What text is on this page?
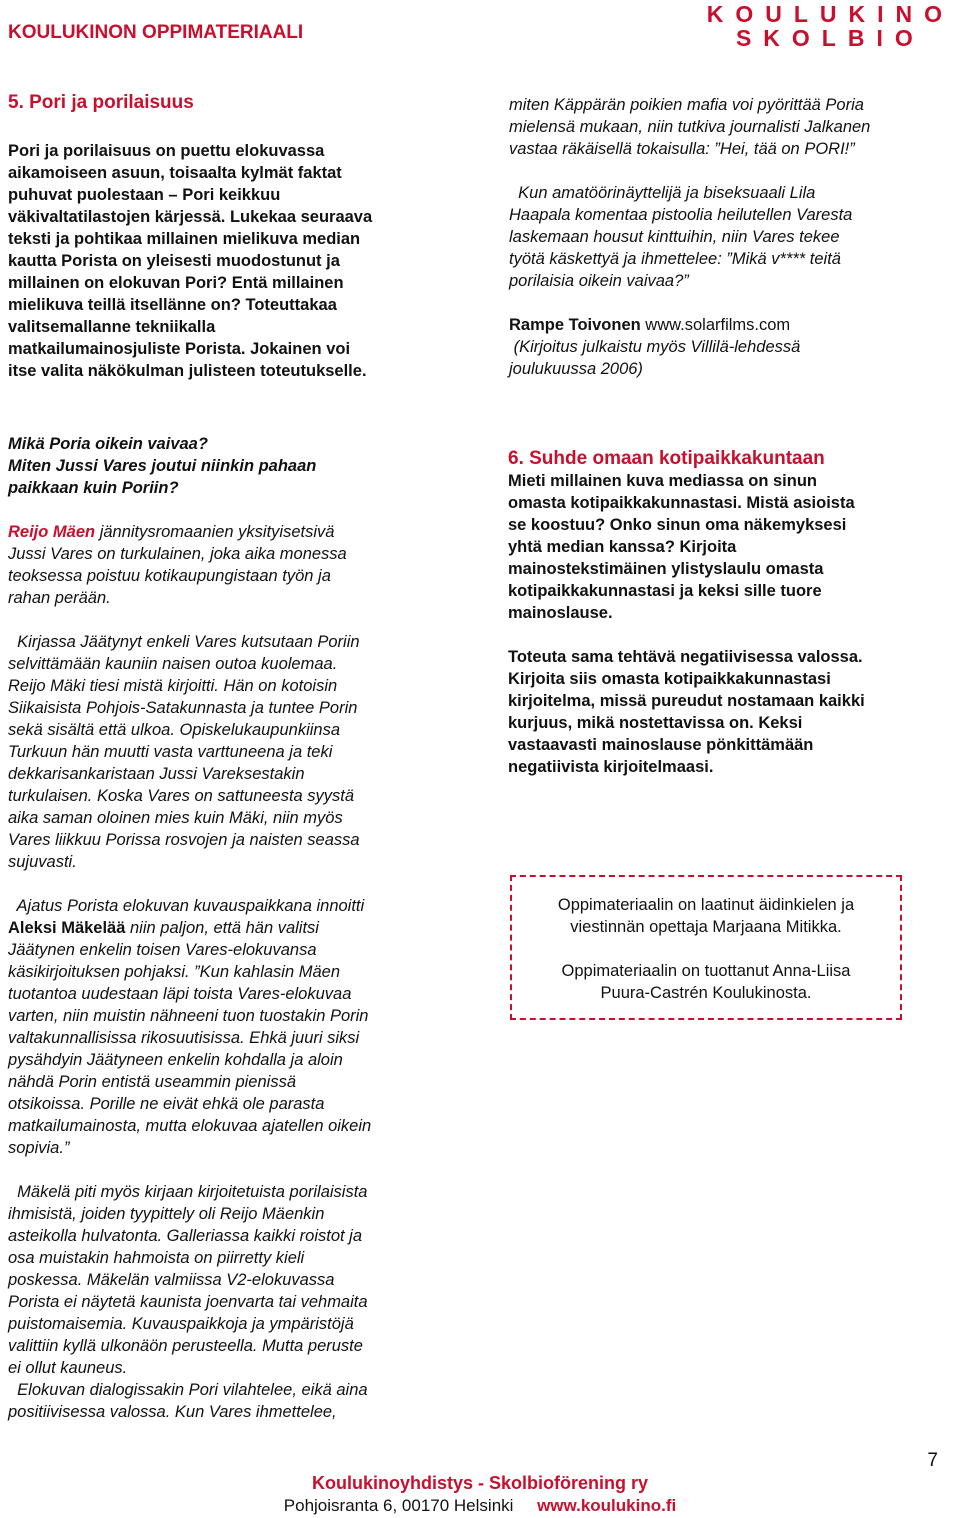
KOULUKINON OPPIMATERIAALI
KOULUKINO
SKOLBIO
5. Pori ja porilaisuus

Pori ja porilaisuus on puettu elokuvassa

aikamoiseen asuun, toisaalta kylmät faktat

puhuvat puolestaan – Pori keikkuu

väkivaltatilastojen kärjessä. Lukekaa seuraava

teksti ja pohtikaa millainen mielikuva median

kautta Porista on yleisesti muodostunut ja

millainen on elokuvan Pori? Entä millainen

mielikuva teillä itsellänne on? Toteuttakaa

valitsemallanne tekniikalla

matkailumainosjuliste Porista. Jokainen voi

itse valita näkökulman julisteen toteutukselle.

miten Käppärän poikien mafia voi pyörittää Poria

mielensä mukaan, niin tutkiva journalisti Jalkanen

vastaa räkäisellä tokaisulla: ”Hei, tää on PORI!”

Kun amatöörinäyttelijä ja biseksuaali Lila

Haapala komentaa pistoolia heilutellen Varesta

laskemaan housut kinttuihin, niin Vares tekee

työtä käskettyä ja ihmettelee: ”Mikä v**** teitä

porilaisia oikein vaivaa?”

Rampe Toivonen www.solarfilms.com

(Kirjoitus julkaistu myös Villilä-lehdessä

joulukuussa 2006)

Mikä Poria oikein vaivaa?

Miten Jussi Vares joutui niinkin pahaan

paikkaan kuin Poriin?

Reijo Mäen jännitysromaanien yksityisetsivä

Jussi Vares on turkulainen, joka aika monessa

teoksessa poistuu kotikaupungistaan työn ja

rahan perään.

Kirjassa Jäätynyt enkeli Vares kutsutaan Poriin

selvittämään kauniin naisen outoa kuolemaa.

Reijo Mäki tiesi mistä kirjoitti. Hän on kotoisin

Siikaisista Pohjois-Satakunnasta ja tuntee Porin

sekä sisältä että ulkoa. Opiskelukaupunkiinsa

Turkuun hän muutti vasta varttuneena ja teki

dekkarisankaristaan Jussi Vareksestakin

turkulaisen. Koska Vares on sattuneesta syystä

aika saman oloinen mies kuin Mäki, niin myös

Vares liikkuu Porissa rosvojen ja naisten seassa

sujuvasti.

Ajatus Porista elokuvan kuvauspaikkana innoitti

Aleksi Mäkelää niin paljon, että hän valitsi

Jäätynen enkelin toisen Vares-elokuvansa

käsikirjoituksen pohjaksi. ”Kun kahlasin Mäen

tuotantoa uudestaan läpi toista Vares-elokuvaa

varten, niin muistin nähneeni tuon tuostakin Porin

valtakunnallisissa rikosuutisissa. Ehkä juuri siksi

pysähdyin Jäätyneen enkelin kohdalla ja aloin

nähdä Porin entistä useammin pienissä

otsikoissa. Porille ne eivät ehkä ole parasta

matkailumainosta, mutta elokuvaa ajatellen oikein

sopivia.”

Mäkelä piti myös kirjaan kirjoitetuista porilaisista

ihmisistä, joiden tyypittely oli Reijo Mäenkin

asteikolla hulvatonta. Galleriassa kaikki roistot ja

osa muistakin hahmoista on piirretty kieli

poskessa. Mäkelän valmiissa V2-elokuvassa

Porista ei näytetä kaunista joenvarta tai vehmaita

puistomaisemia. Kuvauspaikkoja ja ympäristöjä

valittiin kyllä ulkonäön perusteella. Mutta peruste

ei ollut kauneus.

Elokuvan dialogissakin Pori vilahtelee, eikä aina

positiivisessa valossa. Kun Vares ihmettelee,

6. Suhde omaan kotipaikkakuntaan

Mieti millainen kuva mediassa on sinun

omasta kotipaikkakunnastasi. Mistä asioista

se koostuu? Onko sinun oma näkemyksesi

yhtä median kanssa? Kirjoita

mainostekstimäinen ylistyslaulu omasta

kotipaikkakunnastasi ja keksi sille tuore

mainoslause.

Toteuta sama tehtävä negatiivisessa valossa.

Kirjoita siis omasta kotipaikkakunnastasi

kirjoitelma, missä pureudut nostamaan kaikki

kurjuus, mikä nostettavissa on. Keksi

vastaavasti mainoslause pönkittämään

negatiivista kirjoitelmaasi.

Oppimateriaalin on laatinut äidinkielen ja

viestinnän opettaja Marjaana Mitikka.

Oppimateriaalin on tuottanut Anna-Liisa

Puura-Castrén Koulukinosta.

7
Koulukinoyhdistys - Skolbioförening ry
Pohjoisranta 6, 00170 Helsinki www.koulukino.fi
